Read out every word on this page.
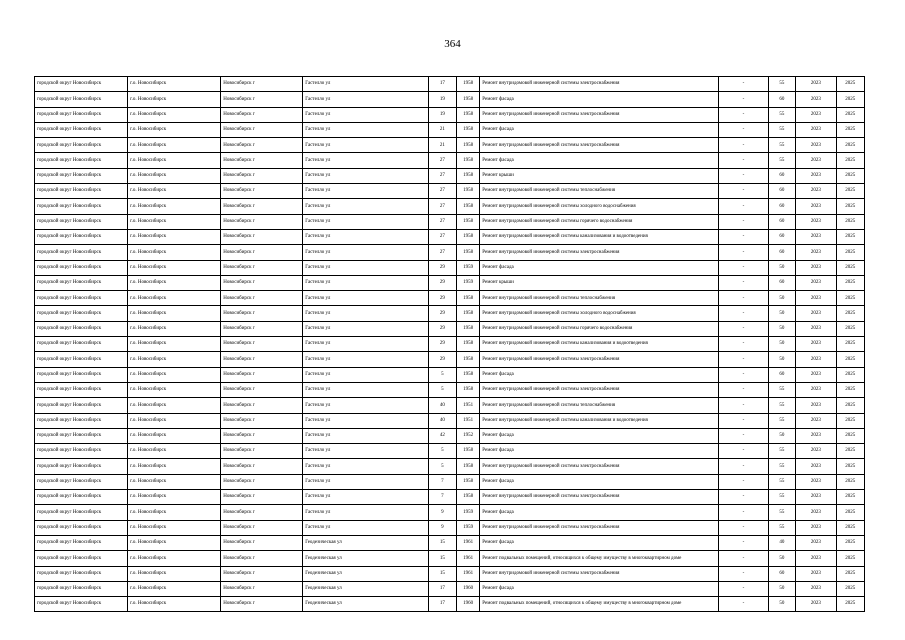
364
городской округ Новосибирск	г.о. Новосибирск	Новосибирск г	Гастелло ул	17	1958	Ремонт внутридомовой инженерной системы электроснабжения	-	55	2023	2025
городской округ Новосибирск	г.о. Новосибирск	Новосибирск г	Гастелло ул	19	1958	Ремонт фасада	-	60	2023	2025
городской округ Новосибирск	г.о. Новосибирск	Новосибирск г	Гастелло ул	19	1958	Ремонт внутридомовой инженерной системы электроснабжения	-	55	2023	2025
городской округ Новосибирск	г.о. Новосибирск	Новосибирск г	Гастелло ул	21	1958	Ремонт фасада	-	55	2023	2025
городской округ Новосибирск	г.о. Новосибирск	Новосибирск г	Гастелло ул	21	1958	Ремонт внутридомовой инженерной системы электроснабжения	-	55	2023	2025
городской округ Новосибирск	г.о. Новосибирск	Новосибирск г	Гастелло ул	27	1958	Ремонт фасада	-	55	2023	2025
городской округ Новосибирск	г.о. Новосибирск	Новосибирск г	Гастелло ул	27	1958	Ремонт крыши	-	60	2023	2025
городской округ Новосибирск	г.о. Новосибирск	Новосибирск г	Гастелло ул	27	1958	Ремонт внутридомовой инженерной системы теплоснабжения	-	60	2023	2025
городской округ Новосибирск	г.о. Новосибирск	Новосибирск г	Гастелло ул	27	1958	Ремонт внутридомовой инженерной системы холодного водоснабжения	-	60	2023	2025
городской округ Новосибирск	г.о. Новосибирск	Новосибирск г	Гастелло ул	27	1958	Ремонт внутридомовой инженерной системы горячего водоснабжения	-	60	2023	2025
городской округ Новосибирск	г.о. Новосибирск	Новосибирск г	Гастелло ул	27	1958	Ремонт внутридомовой инженерной системы канализования и водоотведения	-	60	2023	2025
городской округ Новосибирск	г.о. Новосибирск	Новосибирск г	Гастелло ул	27	1958	Ремонт внутридомовой инженерной системы электроснабжения	-	60	2023	2025
городской округ Новосибирск	г.о. Новосибирск	Новосибирск г	Гастелло ул	29	1959	Ремонт фасада	-	50	2023	2025
городской округ Новосибирск	г.о. Новосибирск	Новосибирск г	Гастелло ул	29	1959	Ремонт крыши	-	60	2023	2025
городской округ Новосибирск	г.о. Новосибирск	Новосибирск г	Гастелло ул	29	1958	Ремонт внутридомовой инженерной системы теплоснабжения	-	50	2023	2025
городской округ Новосибирск	г.о. Новосибирск	Новосибирск г	Гастелло ул	29	1958	Ремонт внутридомовой инженерной системы холодного водоснабжения	-	50	2023	2025
городской округ Новосибирск	г.о. Новосибирск	Новосибирск г	Гастелло ул	29	1958	Ремонт внутридомовой инженерной системы горячего водоснабжения	-	50	2023	2025
городской округ Новосибирск	г.о. Новосибирск	Новосибирск г	Гастелло ул	29	1958	Ремонт внутридомовой инженерной системы канализования и водоотведения	-	50	2023	2025
городской округ Новосибирск	г.о. Новосибирск	Новосибирск г	Гастелло ул	29	1958	Ремонт внутридомовой инженерной системы электроснабжения	-	50	2023	2025
городской округ Новосибирск	г.о. Новосибирск	Новосибирск г	Гастелло ул	5	1958	Ремонт фасада	-	60	2023	2025
городской округ Новосибирск	г.о. Новосибирск	Новосибирск г	Гастелло ул	5	1958	Ремонт внутридомовой инженерной системы электроснабжения	-	55	2023	2025
городской округ Новосибирск	г.о. Новосибирск	Новосибирск г	Гастелло ул	40	1951	Ремонт внутридомовой инженерной системы теплоснабжения	-	55	2023	2025
городской округ Новосибирск	г.о. Новосибирск	Новосибирск г	Гастелло ул	40	1951	Ремонт внутридомовой инженерной системы канализования и водоотведения	-	55	2023	2025
городской округ Новосибирск	г.о. Новосибирск	Новосибирск г	Гастелло ул	42	1952	Ремонт фасада	-	50	2023	2025
городской округ Новосибирск	г.о. Новосибирск	Новосибирск г	Гастелло ул	5	1958	Ремонт фасада	-	55	2023	2025
городской округ Новосибирск	г.о. Новосибирск	Новосибирск г	Гастелло ул	5	1958	Ремонт внутридомовой инженерной системы электроснабжения	-	55	2023	2025
городской округ Новосибирск	г.о. Новосибирск	Новосибирск г	Гастелло ул	7	1958	Ремонт фасада	-	55	2023	2025
городской округ Новосибирск	г.о. Новосибирск	Новосибирск г	Гастелло ул	7	1958	Ремонт внутридомовой инженерной системы электроснабжения	-	55	2023	2025
городской округ Новосибирск	г.о. Новосибирск	Новосибирск г	Гастелло ул	9	1959	Ремонт фасада	-	55	2023	2025
городской округ Новосибирск	г.о. Новосибирск	Новосибирск г	Гастелло ул	9	1959	Ремонт внутридомовой инженерной системы электроснабжения	-	55	2023	2025
городской округ Новосибирск	г.о. Новосибирск	Новосибирск г	Геодезическая ул	15	1961	Ремонт фасада	-	40	2023	2025
городской округ Новосибирск	г.о. Новосибирск	Новосибирск г	Геодезическая ул	15	1961	Ремонт подвальных помещений, относящихся к общему имуществу в многоквартирном доме	-	50	2023	2025
городской округ Новосибирск	г.о. Новосибирск	Новосибирск г	Геодезическая ул	15	1961	Ремонт внутридомовой инженерной системы электроснабжения	-	60	2023	2025
городской округ Новосибирск	г.о. Новосибирск	Новосибирск г	Геодезическая ул	17	1960	Ремонт фасада	-	50	2023	2025
городской округ Новосибирск	г.о. Новосибирск	Новосибирск г	Геодезическая ул	17	1960	Ремонт подвальных помещений, относящихся к общему имуществу в многоквартирном доме	-	50	2023	2025
